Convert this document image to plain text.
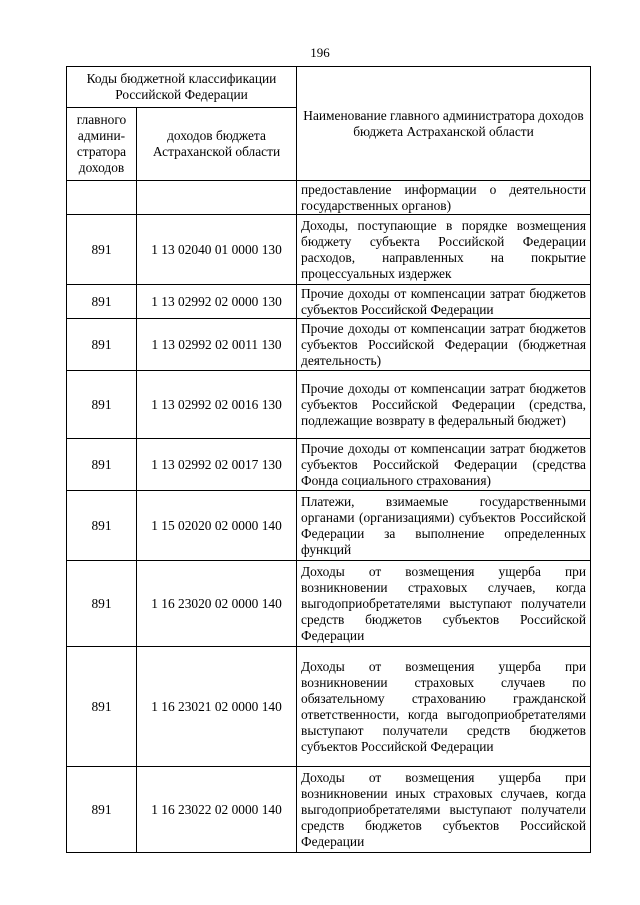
196
Коды бюджетной классификации Российской Федерации		Наименование главного администратора доходов бюджета Астраханской области
главного админи-стратора доходов	доходов бюджета Астраханской области	
		предоставление информации о деятельности государственных органов)
891	1 13 02040 01 0000 130	Доходы, поступающие в порядке возмещения бюджету субъекта Российской Федерации расходов, направленных на покрытие процессуальных издержек
891	1 13 02992 02 0000 130	Прочие доходы от компенсации затрат бюджетов субъектов Российской Федерации
891	1 13 02992 02 0011 130	Прочие доходы от компенсации затрат бюджетов субъектов Российской Федерации (бюджетная деятельность)
891	1 13 02992 02 0016 130	Прочие доходы от компенсации затрат бюджетов субъектов Российской Федерации (средства, подлежащие возврату в федеральный бюджет)
891	1 13 02992 02 0017 130	Прочие доходы от компенсации затрат бюджетов субъектов Российской Федерации (средства Фонда социального страхования)
891	1 15 02020 02 0000 140	Платежи, взимаемые государственными органами (организациями) субъектов Российской Федерации за выполнение определенных функций
891	1 16 23020 02 0000 140	Доходы от возмещения ущерба при возникновении страховых случаев, когда выгодоприобретателями выступают получатели средств бюджетов субъектов Российской Федерации
891	1 16 23021 02 0000 140	Доходы от возмещения ущерба при возникновении страховых случаев по обязательному страхованию гражданской ответственности, когда выгодоприобретателями выступают получатели средств бюджетов субъектов Российской Федерации
891	1 16 23022 02 0000 140	Доходы от возмещения ущерба при возникновении иных страховых случаев, когда выгодоприобретателями выступают получатели средств бюджетов субъектов Российской Федерации
